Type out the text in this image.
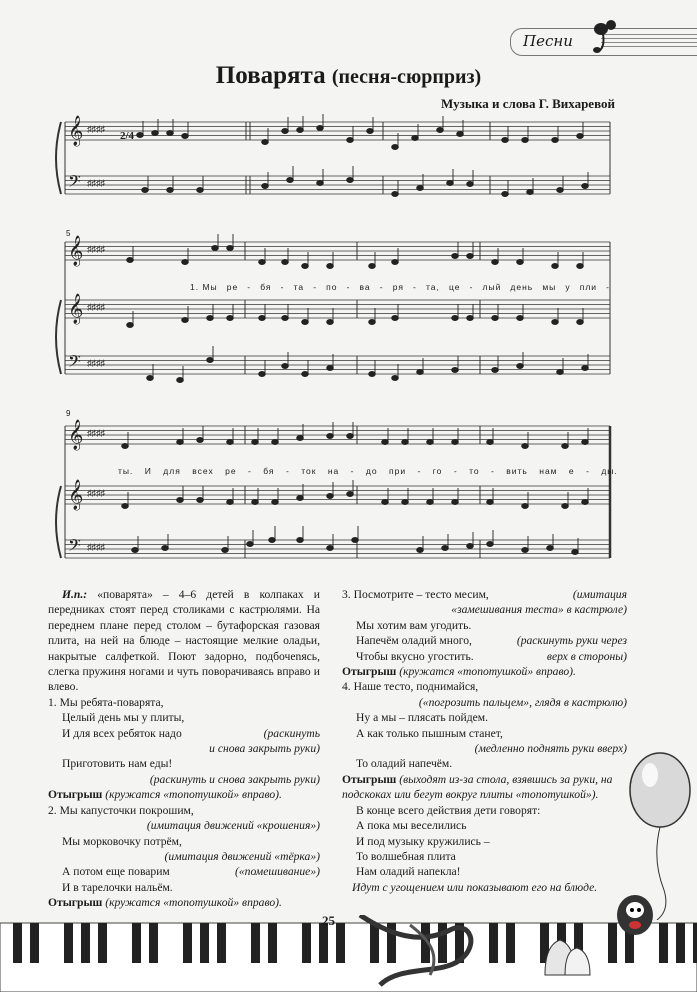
Песни
Поварята (песня-сюрприз)
Музыка и слова Г. Вихаревой
𝄞 ♯♯♯♯
𝄢 ♯♯♯♯
𝄞 ♯♯♯♯
𝄞 ♯♯♯♯
𝄢 ♯♯♯♯
𝄞 ♯♯♯♯
𝄞 ♯♯♯♯
𝄢 ♯♯♯♯
2/4
5
9
1. Мы ре - бя - та - по - ва - ря - та, це - лый день мы у пли -
ты. И для всех ре - бя - ток на - до при - го - то - вить нам е - ды.

И.п.: «поварята» – 4–6 детей в колпаках и передниках стоят перед столиками с кастрюлями. На переднем плане перед столом – бутафорская газовая плита, на ней на блюде – настоящие мелкие оладьи, накрытые салфеткой. Поют задорно, подбочenясь, слегка пружиня ногами и чуть поворачиваясь вправо и влево.

1. Мы ребята-поварята,

Целый день мы у плиты,

И для всех ребяток надо	(раскинуть

и снова закрыть руки)

Приготовить нам еды!

(раскинуть и снова закрыть руки)

Отыгрыш (кружатся «топотушкой» вправо).

2. Мы капусточки покрошим,

(имитация движений «крошения»)

Мы морковочку потрём,

(имитация движений «тёрка»)

А потом еще поварим	(«помешивание»)

И в тарелочки нальём.

Отыгрыш (кружатся «топотушкой» вправо).

3. Посмотрите – тесто месим,	(имитация

«замешивания теста» в кастрюле)

Мы хотим вам угодить.

Напечём оладий много,	(раскинуть руки через

Чтобы вкусно угостить.	верх в стороны)

Отыгрыш (кружатся «топотушкой» вправо).

4. Наше тесто, поднимайся,

(«погрозить пальцем», глядя в кастрюлю)

Ну а мы – плясать пойдем.

А как только пышным станет,

(медленно поднять руки вверх)

То оладий напечём.

Отыгрыш (выходят из-за стола, взявшись за руки, на подскоках или бегут вокруг плиты «топотушкой»).

В конце всего действия дети говорят:

А пока мы веселились

И под музыку кружились –

То волшебная плита

Нам оладий напекла!

Идут с угощением или показывают его на блюде.

25
